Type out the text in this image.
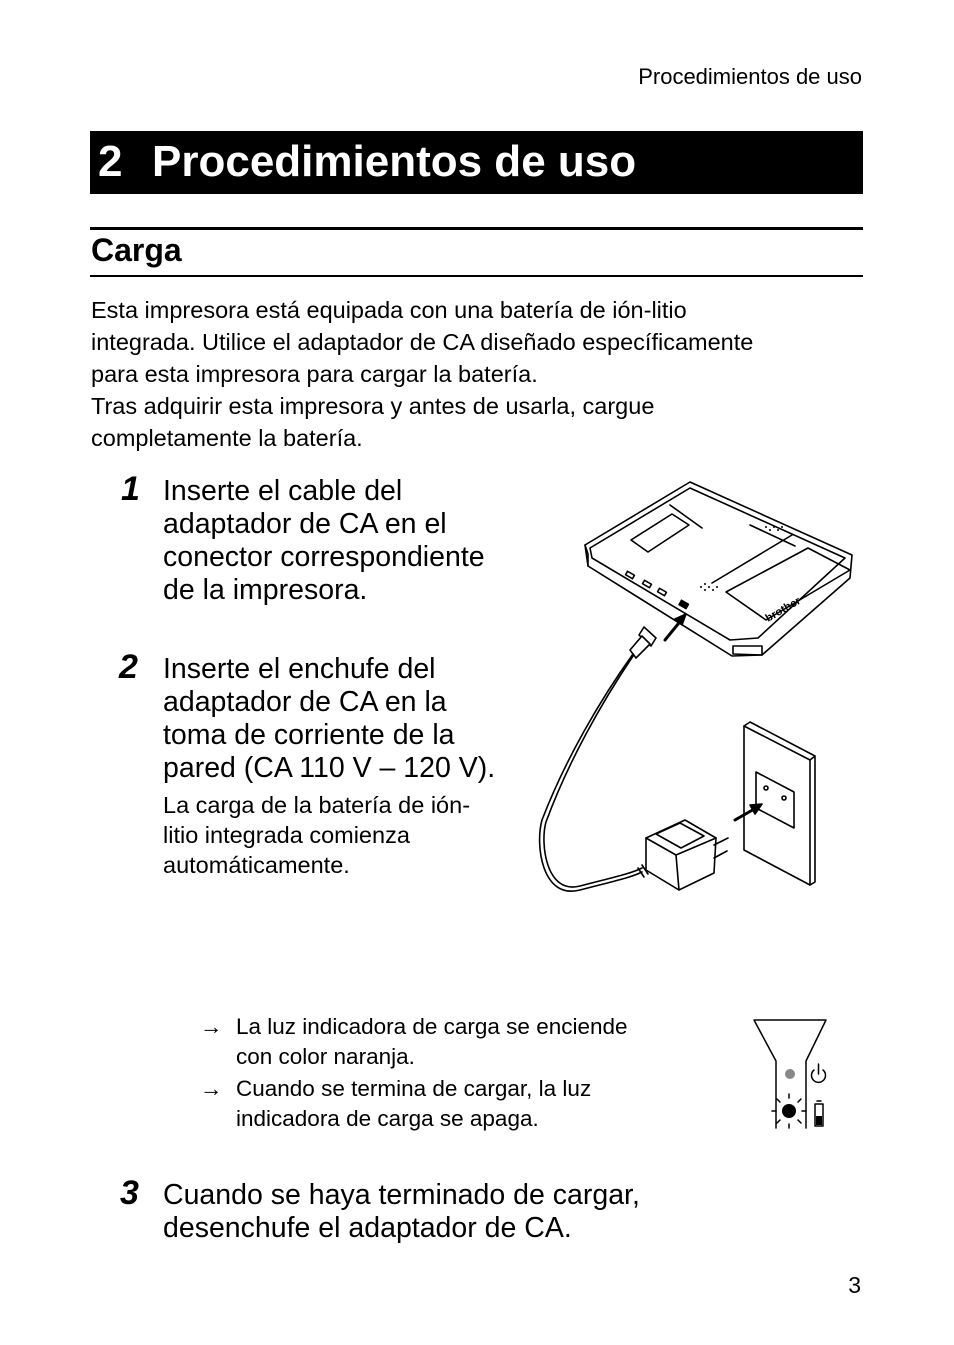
Procedimientos de uso
2 Procedimientos de uso
Carga

Esta impresora está equipada con una batería de ión-litio

integrada. Utilice el adaptador de CA diseñado específicamente

para esta impresora para cargar la batería.

Tras adquirir esta impresora y antes de usarla, cargue

completamente la batería.

1 Inserte el cable del
adaptador de CA en el
conector correspondiente
de la impresora.
2 Inserte el enchufe del
adaptador de CA en la
toma de corriente de la
pared (CA 110 V – 120 V).
La carga de la batería de ión-
litio integrada comienza
automáticamente.
brother
→ La luz indicadora de carga se enciende
con color naranja.
→ Cuando se termina de cargar, la luz
indicadora de carga se apaga.
3 Cuando se haya terminado de cargar,
desenchufe el adaptador de CA.
3
